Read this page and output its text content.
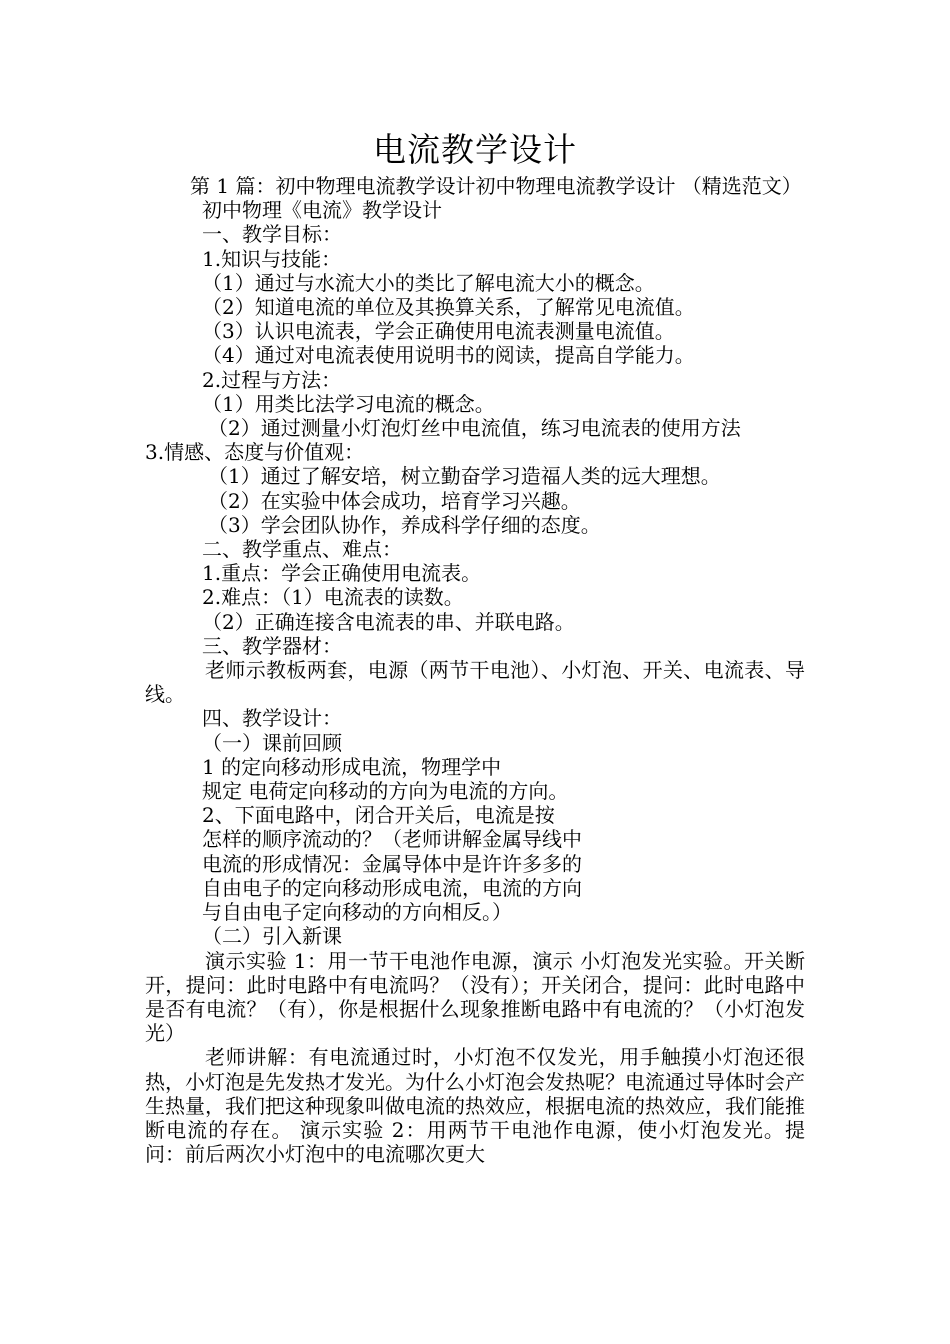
电流教学设计

第 1 篇：初中物理电流教学设计初中物理电流教学设计 （精选范文）

初中物理《电流》教学设计

一、教学目标：

1.知识与技能：

（1）通过与水流大小的类比了解电流大小的概念。

（2）知道电流的单位及其换算关系，了解常见电流值。

（3）认识电流表，学会正确使用电流表测量电流值。

（4）通过对电流表使用说明书的阅读，提高自学能力。

2.过程与方法：

（1）用类比法学习电流的概念。

（2）通过测量小灯泡灯丝中电流值，练习电流表的使用方法

3.情感、态度与价值观：

（1）通过了解安培，树立勤奋学习造福人类的远大理想。

（2）在实验中体会成功，培育学习兴趣。

（3）学会团队协作，养成科学仔细的态度。

二、教学重点、难点：

1.重点：学会正确使用电流表。

2.难点：（1）电流表的读数。

（2）正确连接含电流表的串、并联电路。

三、教学器材：

老师示教板两套，电源（两节干电池）、小灯泡、开关、电流表、导线。

四、教学设计：

（一）课前回顾

1 的定向移动形成电流，物理学中

规定 电荷定向移动的方向为电流的方向。

2、下面电路中，闭合开关后，电流是按

怎样的顺序流动的？（老师讲解金属导线中

电流的形成情况：金属导体中是许许多多的

自由电子的定向移动形成电流，电流的方向

与自由电子定向移动的方向相反。）

（二）引入新课

演示实验 1：用一节干电池作电源，演示 小灯泡发光实验。开关断开，提问：此时电路中有电流吗？（没有）；开关闭合，提问：此时电路中是否有电流？（有），你是根据什么现象推断电路中有电流的？（小灯泡发光）

老师讲解：有电流通过时，小灯泡不仅发光，用手触摸小灯泡还很热，小灯泡是先发热才发光。为什么小灯泡会发热呢？电流通过导体时会产生热量，我们把这种现象叫做电流的热效应，根据电流的热效应，我们能推断电流的存在。 演示实验 2：用两节干电池作电源，使小灯泡发光。提问：前后两次小灯泡中的电流哪次更大
